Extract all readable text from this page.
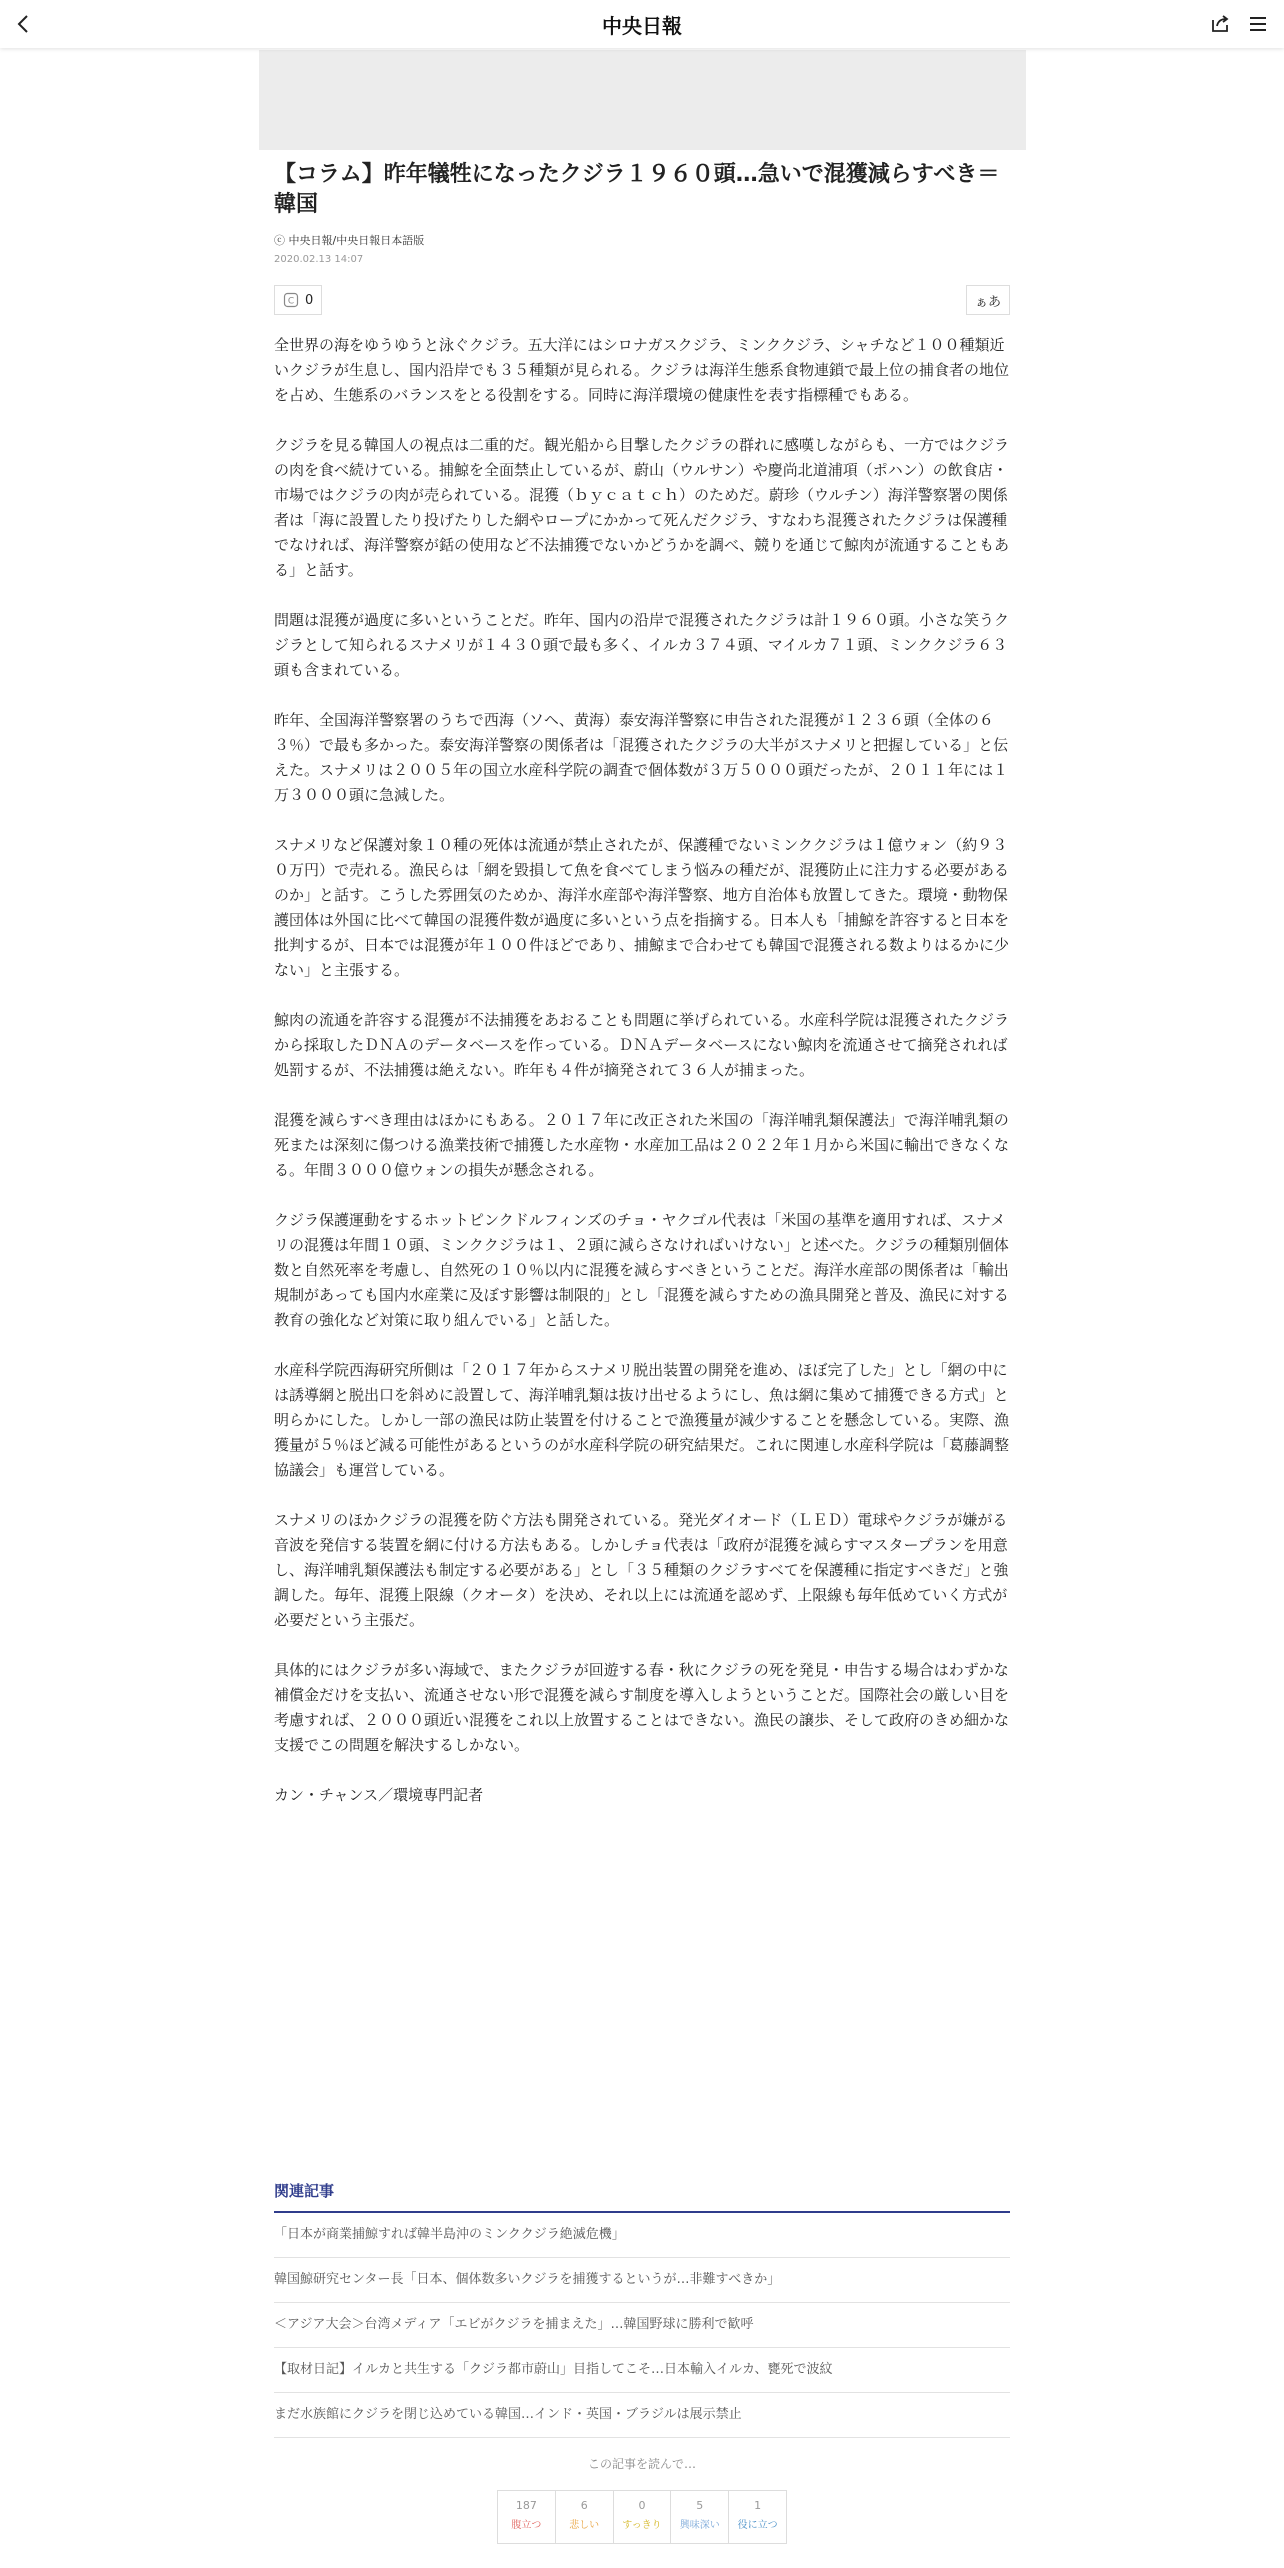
中央日報
【コラム】昨年犠牲になったクジラ１９６０頭…急いで混獲減らすべき＝韓国
ⓒ 中央日報/中央日報日本語版
2020.02.13 14:07
C 0	ぁあ

全世界の海をゆうゆうと泳ぐクジラ。五大洋にはシロナガスクジラ、ミンククジラ、シャチなど１００種類近いクジラが生息し、国内沿岸でも３５種類が見られる。クジラは海洋生態系食物連鎖で最上位の捕食者の地位を占め、生態系のバランスをとる役割をする。同時に海洋環境の健康性を表す指標種でもある。

クジラを見る韓国人の視点は二重的だ。観光船から目撃したクジラの群れに感嘆しながらも、一方ではクジラの肉を食べ続けている。捕鯨を全面禁止しているが、蔚山（ウルサン）や慶尚北道浦項（ポハン）の飲食店・市場ではクジラの肉が売られている。混獲（ｂｙｃａｔｃｈ）のためだ。蔚珍（ウルチン）海洋警察署の関係者は「海に設置したり投げたりした網やロープにかかって死んだクジラ、すなわち混獲されたクジラは保護種でなければ、海洋警察が銛の使用など不法捕獲でないかどうかを調べ、競りを通じて鯨肉が流通することもある」と話す。

問題は混獲が過度に多いということだ。昨年、国内の沿岸で混獲されたクジラは計１９６０頭。小さな笑うクジラとして知られるスナメリが１４３０頭で最も多く、イルカ３７４頭、マイルカ７１頭、ミンククジラ６３頭も含まれている。

昨年、全国海洋警察署のうちで西海（ソヘ、黄海）泰安海洋警察に申告された混獲が１２３６頭（全体の６３％）で最も多かった。泰安海洋警察の関係者は「混獲されたクジラの大半がスナメリと把握している」と伝えた。スナメリは２００５年の国立水産科学院の調査で個体数が３万５０００頭だったが、２０１１年には１万３０００頭に急減した。

スナメリなど保護対象１０種の死体は流通が禁止されたが、保護種でないミンククジラは１億ウォン（約９３０万円）で売れる。漁民らは「網を毀損して魚を食べてしまう悩みの種だが、混獲防止に注力する必要があるのか」と話す。こうした雰囲気のためか、海洋水産部や海洋警察、地方自治体も放置してきた。環境・動物保護団体は外国に比べて韓国の混獲件数が過度に多いという点を指摘する。日本人も「捕鯨を許容すると日本を批判するが、日本では混獲が年１００件ほどであり、捕鯨まで合わせても韓国で混獲される数よりはるかに少ない」と主張する。

鯨肉の流通を許容する混獲が不法捕獲をあおることも問題に挙げられている。水産科学院は混獲されたクジラから採取したＤＮＡのデータベースを作っている。ＤＮＡデータベースにない鯨肉を流通させて摘発されれば処罰するが、不法捕獲は絶えない。昨年も４件が摘発されて３６人が捕まった。

混獲を減らすべき理由はほかにもある。２０１７年に改正された米国の「海洋哺乳類保護法」で海洋哺乳類の死または深刻に傷つける漁業技術で捕獲した水産物・水産加工品は２０２２年１月から米国に輸出できなくなる。年間３０００億ウォンの損失が懸念される。

クジラ保護運動をするホットピンクドルフィンズのチョ・ヤクゴル代表は「米国の基準を適用すれば、スナメリの混獲は年間１０頭、ミンククジラは１、２頭に減らさなければいけない」と述べた。クジラの種類別個体数と自然死率を考慮し、自然死の１０％以内に混獲を減らすべきということだ。海洋水産部の関係者は「輸出規制があっても国内水産業に及ぼす影響は制限的」とし「混獲を減らすための漁具開発と普及、漁民に対する教育の強化など対策に取り組んでいる」と話した。

水産科学院西海研究所側は「２０１７年からスナメリ脱出装置の開発を進め、ほぼ完了した」とし「網の中には誘導網と脱出口を斜めに設置して、海洋哺乳類は抜け出せるようにし、魚は網に集めて捕獲できる方式」と明らかにした。しかし一部の漁民は防止装置を付けることで漁獲量が減少することを懸念している。実際、漁獲量が５％ほど減る可能性があるというのが水産科学院の研究結果だ。これに関連し水産科学院は「葛藤調整協議会」も運営している。

スナメリのほかクジラの混獲を防ぐ方法も開発されている。発光ダイオード（ＬＥＤ）電球やクジラが嫌がる音波を発信する装置を網に付ける方法もある。しかしチョ代表は「政府が混獲を減らすマスタープランを用意し、海洋哺乳類保護法も制定する必要がある」とし「３５種類のクジラすべてを保護種に指定すべきだ」と強調した。毎年、混獲上限線（クオータ）を決め、それ以上には流通を認めず、上限線も毎年低めていく方式が必要だという主張だ。

具体的にはクジラが多い海域で、またクジラが回遊する春・秋にクジラの死を発見・申告する場合はわずかな補償金だけを支払い、流通させない形で混獲を減らす制度を導入しようということだ。国際社会の厳しい目を考慮すれば、２０００頭近い混獲をこれ以上放置することはできない。漁民の譲歩、そして政府のきめ細かな支援でこの問題を解決するしかない。

カン・チャンス／環境専門記者

関連記事
「日本が商業捕鯨すれば韓半島沖のミンククジラ絶滅危機」
韓国鯨研究センター長「日本、個体数多いクジラを捕獲するというが…非難すべきか」
＜アジア大会＞台湾メディア「エビがクジラを捕まえた」…韓国野球に勝利で歓呼
【取材日記】イルカと共生する「クジラ都市蔚山」目指してこそ…日本輸入イルカ、甕死で波紋
まだ水族館にクジラを閉じ込めている韓国…インド・英国・ブラジルは展示禁止
この記事を読んで…
187
腹立つ
6
悲しい
0
すっきり
5
興味深い
1
役に立つ
